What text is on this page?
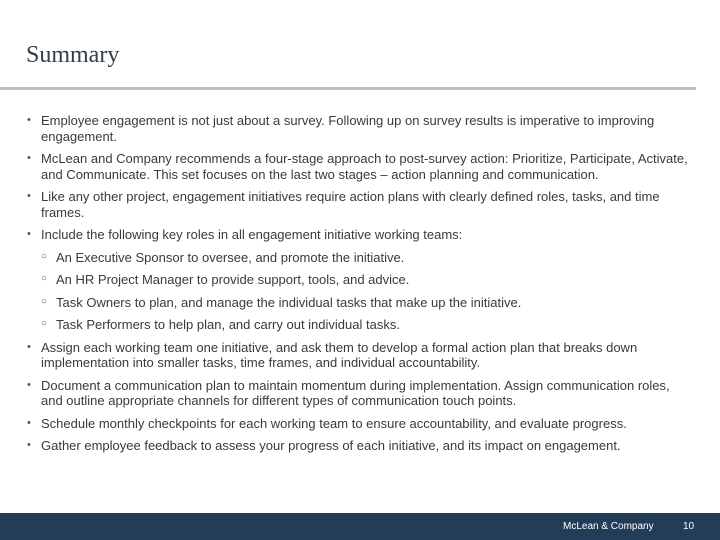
Summary
• Employee engagement is not just about a survey. Following up on survey results is imperative to improving engagement.
• McLean and Company recommends a four-stage approach to post-survey action: Prioritize, Participate, Activate, and Communicate. This set focuses on the last two stages – action planning and communication.
• Like any other project, engagement initiatives require action plans with clearly defined roles, tasks, and time frames.
• Include the following key roles in all engagement initiative working teams:
○ An Executive Sponsor to oversee, and promote the initiative.
○ An HR Project Manager to provide support, tools, and advice.
○ Task Owners to plan, and manage the individual tasks that make up the initiative.
○ Task Performers to help plan, and carry out individual tasks.
• Assign each working team one initiative, and ask them to develop a formal action plan that breaks down implementation into smaller tasks, time frames, and individual accountability.
• Document a communication plan to maintain momentum during implementation. Assign communication roles, and outline appropriate channels for different types of communication touch points.
• Schedule monthly checkpoints for each working team to ensure accountability, and evaluate progress.
• Gather employee feedback to assess your progress of each initiative, and its impact on engagement.
McLean & Company	10
